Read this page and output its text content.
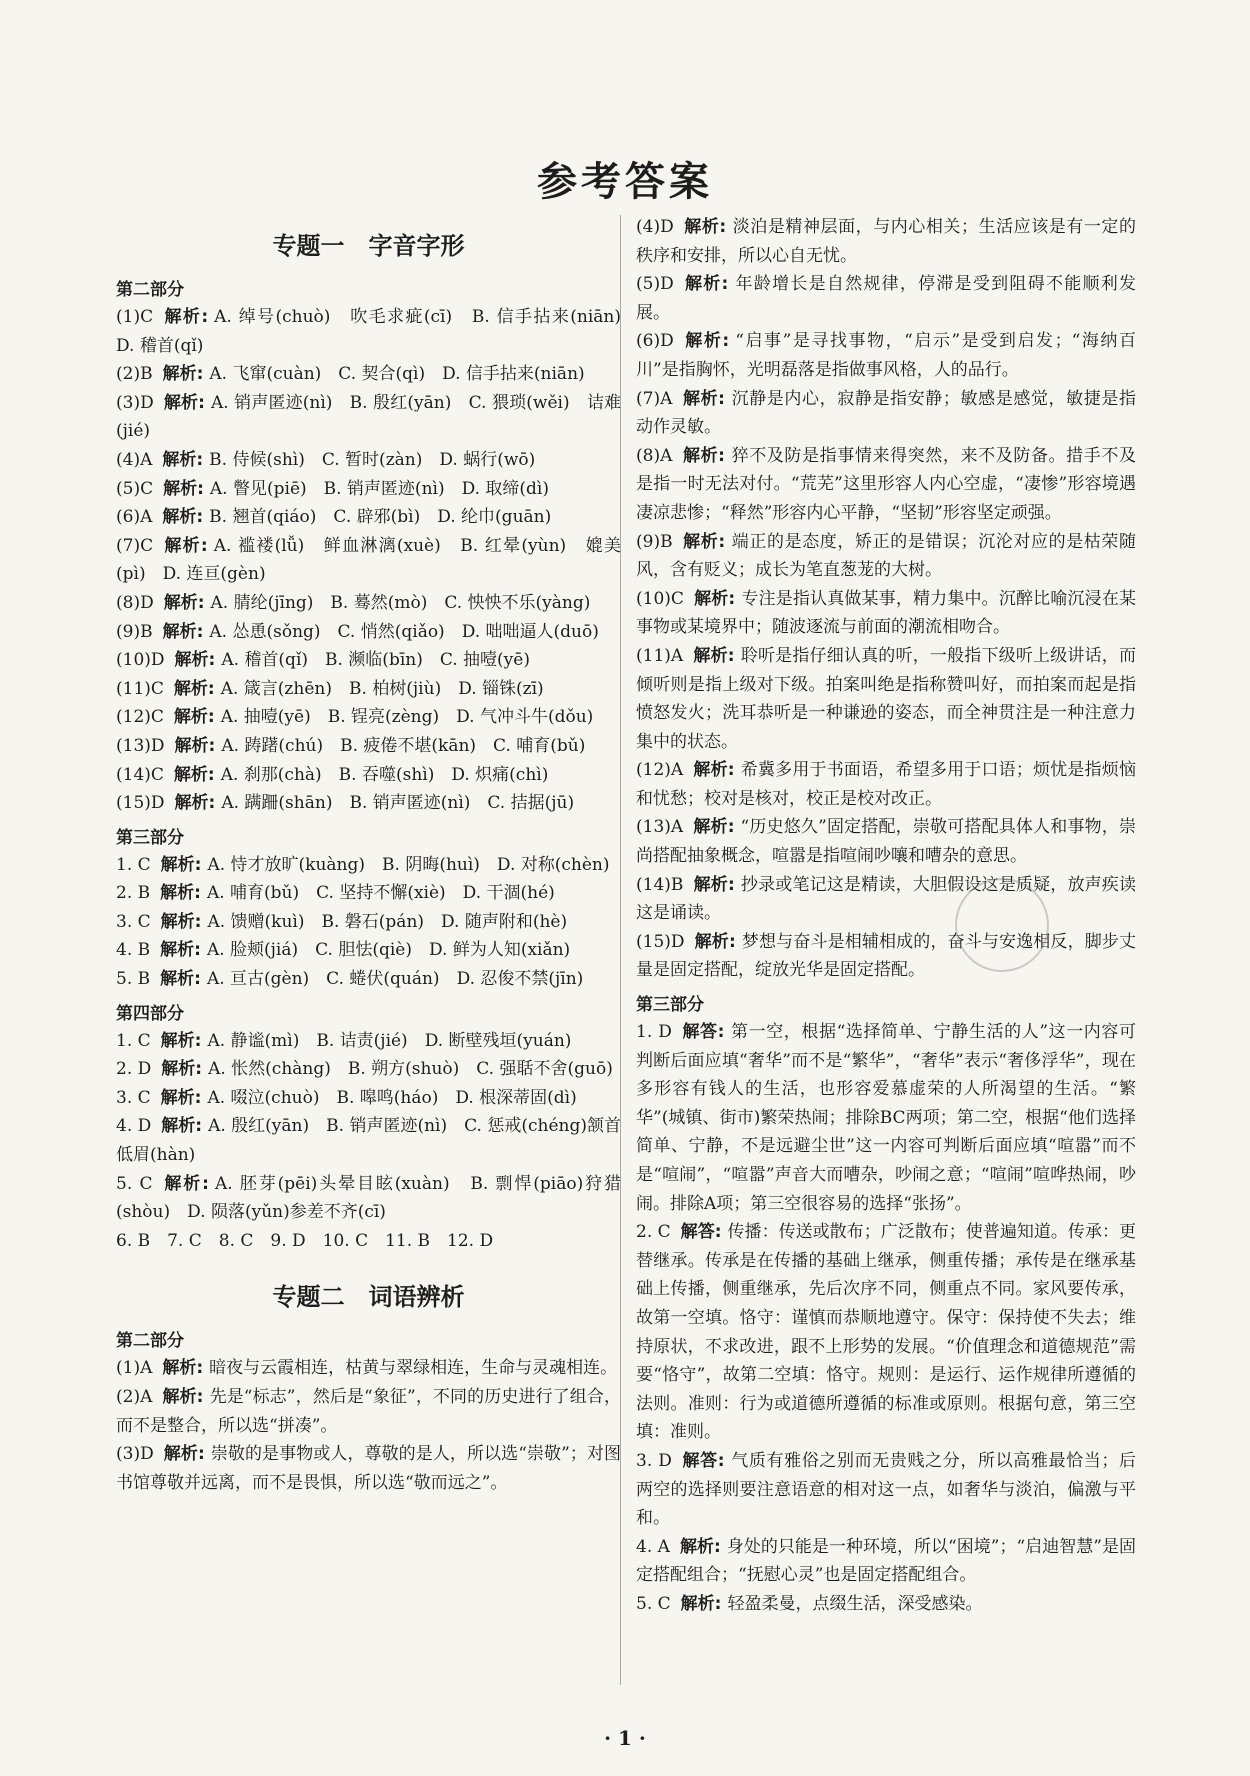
参考答案
专题一　字音字形
第二部分
(1)C 解析: A. 绰号(chuò)　吹毛求疵(cī)　B. 信手拈来(niān)　D. 稽首(qǐ)
(2)B 解析: A. 飞窜(cuàn)　C. 契合(qì)　D. 信手拈来(niān)
(3)D 解析: A. 销声匿迹(nì)　B. 殷红(yān)　C. 猥琐(wěi)　诘难(jié)
(4)A 解析: B. 侍候(shì)　C. 暂时(zàn)　D. 蜗行(wō)
(5)C 解析: A. 瞥见(piē)　B. 销声匿迹(nì)　D. 取缔(dì)
(6)A 解析: B. 翘首(qiáo)　C. 辟邪(bì)　D. 纶巾(guān)
(7)C 解析: A. 褴褛(lǚ)　鲜血淋漓(xuè)　B. 红晕(yùn)　媲美(pì)　D. 连亘(gèn)
(8)D 解析: A. 腈纶(jīng)　B. 蓦然(mò)　C. 怏怏不乐(yàng)
(9)B 解析: A. 怂恿(sǒng)　C. 悄然(qiǎo)　D. 咄咄逼人(duō)
(10)D 解析: A. 稽首(qǐ)　B. 濒临(bīn)　C. 抽噎(yē)
(11)C 解析: A. 箴言(zhēn)　B. 柏树(jiù)　D. 锱铢(zī)
(12)C 解析: A. 抽噎(yē)　B. 锃亮(zèng)　D. 气冲斗牛(dǒu)
(13)D 解析: A. 踌躇(chú)　B. 疲倦不堪(kān)　C. 哺育(bǔ)
(14)C 解析: A. 刹那(chà)　B. 吞噬(shì)　D. 炽痛(chì)
(15)D 解析: A. 蹒跚(shān)　B. 销声匿迹(nì)　C. 拮据(jū)
第三部分
1. C 解析: A. 恃才放旷(kuàng)　B. 阴晦(huì)　D. 对称(chèn)
2. B 解析: A. 哺育(bǔ)　C. 坚持不懈(xiè)　D. 干涸(hé)
3. C 解析: A. 馈赠(kuì)　B. 磐石(pán)　D. 随声附和(hè)
4. B 解析: A. 脸颊(jiá)　C. 胆怯(qiè)　D. 鲜为人知(xiǎn)
5. B 解析: A. 亘古(gèn)　C. 蜷伏(quán)　D. 忍俊不禁(jīn)
第四部分
1. C 解析: A. 静谧(mì)　B. 诘责(jié)　D. 断壁残垣(yuán)
2. D 解析: A. 怅然(chàng)　B. 朔方(shuò)　C. 强聒不舍(guō)
3. C 解析: A. 啜泣(chuò)　B. 嗥鸣(háo)　D. 根深蒂固(dì)
4. D 解析: A. 殷红(yān)　B. 销声匿迹(nì)　C. 惩戒(chéng)颔首低眉(hàn)
5. C 解析: A. 胚芽(pēi)头晕目眩(xuàn)　B. 剽悍(piāo)狩猎(shòu)　D. 陨落(yǔn)参差不齐(cī)
6. B　7. C　8. C　9. D　10. C　11. B　12. D
专题二　词语辨析
第二部分
(1)A 解析: 暗夜与云霞相连，枯黄与翠绿相连，生命与灵魂相连。
(2)A 解析: 先是“标志”，然后是“象征”，不同的历史进行了组合，而不是整合，所以选“拼凑”。
(3)D 解析: 崇敬的是事物或人，尊敬的是人，所以选“崇敬”；对图书馆尊敬并远离，而不是畏惧，所以选“敬而远之”。
(4)D 解析: 淡泊是精神层面，与内心相关；生活应该是有一定的秩序和安排，所以心自无忧。
(5)D 解析: 年龄增长是自然规律，停滞是受到阻碍不能顺利发展。
(6)D 解析: “启事”是寻找事物，“启示”是受到启发；“海纳百川”是指胸怀，光明磊落是指做事风格，人的品行。
(7)A 解析: 沉静是内心，寂静是指安静；敏感是感觉，敏捷是指动作灵敏。
(8)A 解析: 猝不及防是指事情来得突然，来不及防备。措手不及是指一时无法对付。“荒芜”这里形容人内心空虚，“凄惨”形容境遇凄凉悲惨；“释然”形容内心平静，“坚韧”形容坚定顽强。
(9)B 解析: 端正的是态度，矫正的是错误；沉沦对应的是枯荣随风，含有贬义；成长为笔直葱茏的大树。
(10)C 解析: 专注是指认真做某事，精力集中。沉醉比喻沉浸在某事物或某境界中；随波逐流与前面的潮流相吻合。
(11)A 解析: 聆听是指仔细认真的听，一般指下级听上级讲话，而倾听则是指上级对下级。拍案叫绝是指称赞叫好，而拍案而起是指愤怒发火；洗耳恭听是一种谦逊的姿态，而全神贯注是一种注意力集中的状态。
(12)A 解析: 希冀多用于书面语，希望多用于口语；烦忧是指烦恼和忧愁；校对是核对，校正是校对改正。
(13)A 解析: “历史悠久”固定搭配，崇敬可搭配具体人和事物，崇尚搭配抽象概念，喧嚣是指喧闹吵嚷和嘈杂的意思。
(14)B 解析: 抄录或笔记这是精读，大胆假设这是质疑，放声疾读这是诵读。
(15)D 解析: 梦想与奋斗是相辅相成的，奋斗与安逸相反，脚步丈量是固定搭配，绽放光华是固定搭配。
第三部分
1. D 解答: 第一空，根据“选择简单、宁静生活的人”这一内容可判断后面应填“奢华”而不是“繁华”，“奢华”表示“奢侈浮华”，现在多形容有钱人的生活，也形容爱慕虚荣的人所渴望的生活。“繁华”(城镇、街市)繁荣热闹；排除BC两项；第二空，根据“他们选择简单、宁静，不是远避尘世”这一内容可判断后面应填“喧嚣”而不是“喧闹”，“喧嚣”声音大而嘈杂，吵闹之意；“喧闹”喧哗热闹，吵闹。排除A项；第三空很容易的选择“张扬”。
2. C 解答: 传播：传送或散布；广泛散布；使普遍知道。传承：更替继承。传承是在传播的基础上继承，侧重传播；承传是在继承基础上传播，侧重继承，先后次序不同，侧重点不同。家风要传承，故第一空填。恪守：谨慎而恭顺地遵守。保守：保持使不失去；维持原状，不求改进，跟不上形势的发展。“价值理念和道德规范”需要“恪守”，故第二空填：恪守。规则：是运行、运作规律所遵循的法则。准则：行为或道德所遵循的标准或原则。根据句意，第三空填：准则。
3. D 解答: 气质有雅俗之别而无贵贱之分，所以高雅最恰当；后两空的选择则要注意语意的相对这一点，如奢华与淡泊，偏激与平和。
4. A 解析: 身处的只能是一种环境，所以“困境”；“启迪智慧”是固定搭配组合；“抚慰心灵”也是固定搭配组合。
5. C 解析: 轻盈柔曼，点缀生活，深受感染。
· 1 ·
